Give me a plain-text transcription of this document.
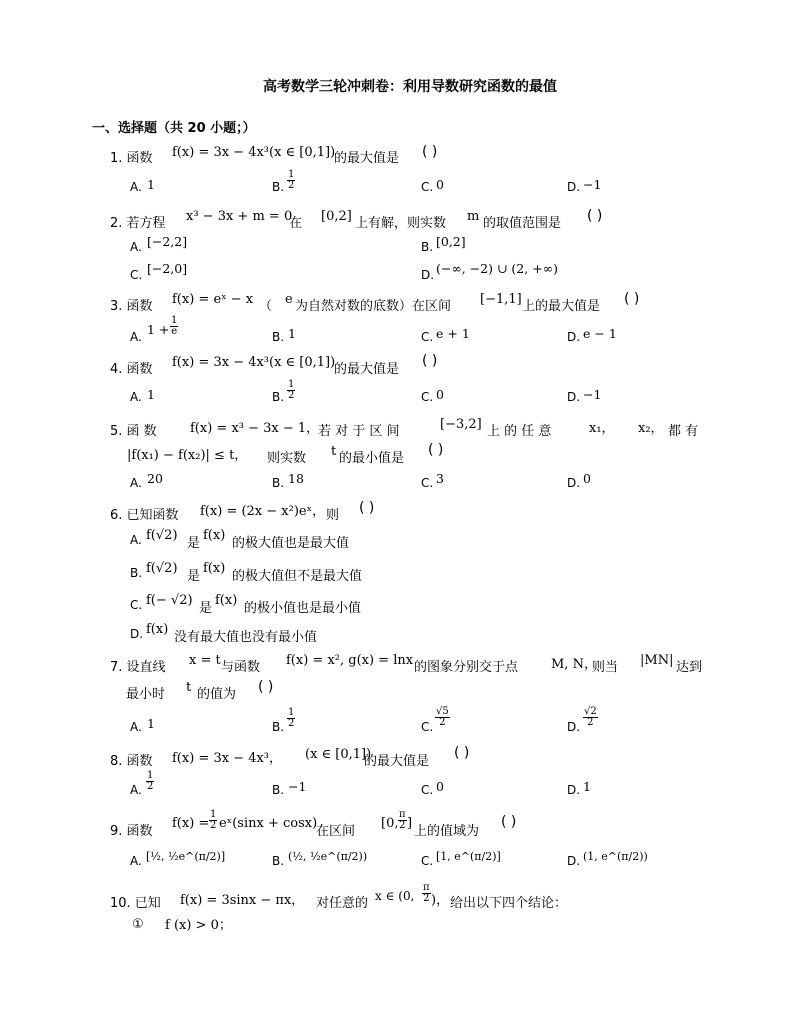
高考数学三轮冲刺卷：利用导数研究函数的最值
一、选择题（共 20 小题；）
1. 函数 f(x) = 3x − 4x³(x ∈ [0,1])
的最大值是 ( )
A. 1	B. $\frac{1}{2}$	C. 0	D. −1
2. 若方程 x³ − 3x + m = 0
在 [0,2] 上有解，则实数 m 的取值范围是 ( )
A. [−2,2]	B. [0,2]
C. [−2,0]	D. (−∞, −2) ∪ (2, +∞)
3. 函数 f(x) = eˣ − x （ e 为自然对数的底数）在区间 [−1,1] 上的最大值是 ( )
A. $1 + \frac{1}{e}$	B. 1	C. e + 1	D. e − 1
4. 函数 f(x) = 3x − 4x³(x ∈ [0,1])
的最大值是
( )
A. 1	B. $\frac{1}{2}$	C. 0	D. −1
5. 函 数	f(x) = x³ − 3x − 1，
若 对 于 区 间	[−3,2] 上 的 任 意	x₁， x₂， 都 有
|f(x₁) − f(x₂)| ≤ t， 则实数 t 的最小值是
( )
A. 20	B. 18	C. 3	D. 0
6. 已知函数 f(x) = (2x − x²)eˣ， 则 ( )
A. f(√2)
是
f(x)
的极大值也是最大值
B. f(√2)
是
f(x)
的极大值但不是最大值
C. f(− √2)
是
f(x)
的极小值也是最小值
D. f(x)
没有最大值也没有最小值
7. 设直线 x = t 与函数 f(x) = x², g(x) = lnx 的图象分别交于点	M, N，
则当 |MN| 达到
最小时 t 的值为 ( )
A. 1	B. $\frac{1}{2}$	C. $\frac{√5}{2}$	D. $\frac{√2}{2}$
8. 函数 f(x) = 3x − 4x³， (x ∈ [0,1])
的最大值是
( )
A. $\frac{1}{2}$	B. −1	C. 0	D. 1
9. 函数
$f(x) = \frac{1}{2}$ eˣ(sinx + cosx)
在区间
[0, $\frac{\pi}{2}$ ]
上的值域为
( )
A. [½, ½e^(π/2)]	B. (½, ½e^(π/2))	C. [1, e^(π/2)]	D. (1, e^(π/2))
10. 已知 f(x) = 3sinx − πx， 对任意的 x ∈ (0, $\frac{\pi}{2}$ )， 给出以下四个结论：
① f (x) > 0；
